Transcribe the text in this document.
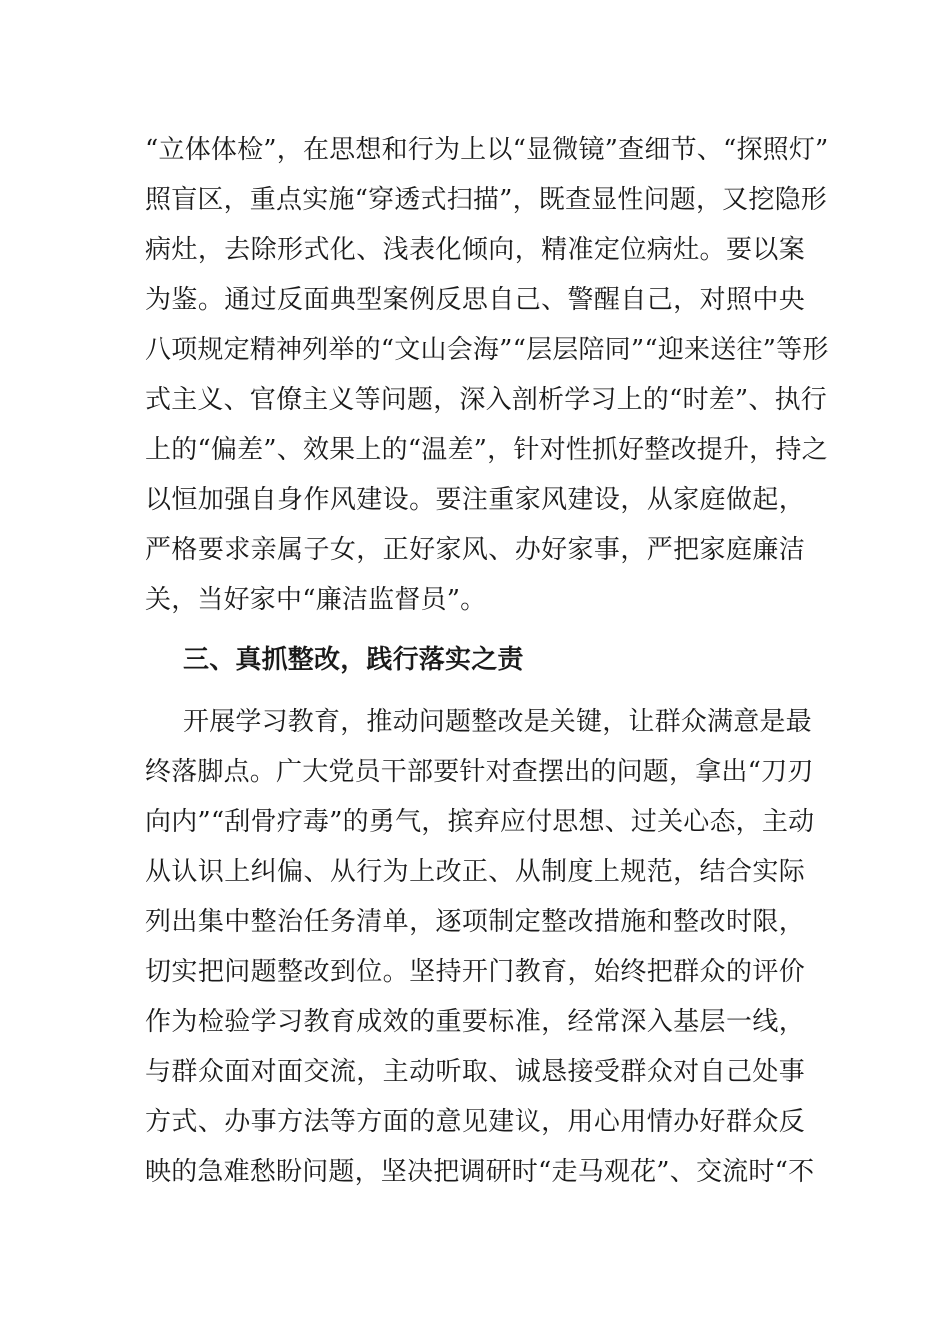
“立体体检”，在思想和行为上以“显微镜”查细节、“探照灯”
照盲区，重点实施“穿透式扫描”，既查显性问题，又挖隐形
病灶，去除形式化、浅表化倾向，精准定位病灶。要以案
为鉴。通过反面典型案例反思自己、警醒自己，对照中央
八项规定精神列举的“文山会海”“层层陪同”“迎来送往”等形
式主义、官僚主义等问题，深入剖析学习上的“时差”、执行
上的“偏差”、效果上的“温差”，针对性抓好整改提升，持之
以恒加强自身作风建设。要注重家风建设，从家庭做起，
严格要求亲属子女，正好家风、办好家事，严把家庭廉洁
关，当好家中“廉洁监督员”。
三、真抓整改，践行落实之责
开展学习教育，推动问题整改是关键，让群众满意是最
终落脚点。广大党员干部要针对查摆出的问题，拿出“刀刃
向内”“刮骨疗毒”的勇气，摈弃应付思想、过关心态，主动
从认识上纠偏、从行为上改正、从制度上规范，结合实际
列出集中整治任务清单，逐项制定整改措施和整改时限，
切实把问题整改到位。坚持开门教育，始终把群众的评价
作为检验学习教育成效的重要标准，经常深入基层一线，
与群众面对面交流，主动听取、诚恳接受群众对自己处事
方式、办事方法等方面的意见建议，用心用情办好群众反
映的急难愁盼问题，坚决把调研时“走马观花”、交流时“不
